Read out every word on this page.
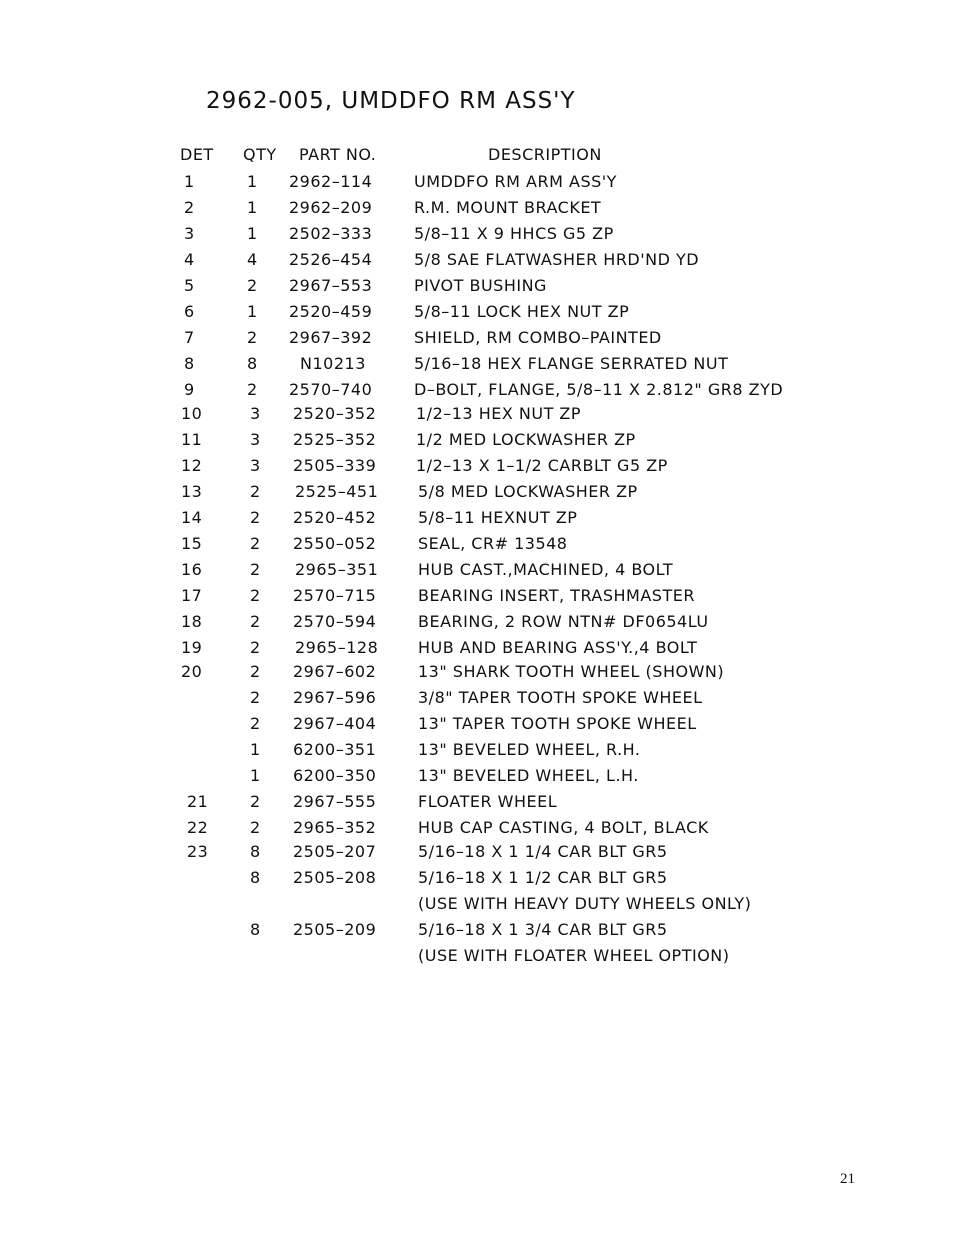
2962-005, UMDDFO RM ASS'Y
DET QTY PART NO.	DESCRIPTION
1	1 2962–114	UMDDFO RM ARM ASS'Y
2	1 2962–209	R.M. MOUNT BRACKET
3	1 2502–333	5/8–11 X 9 HHCS G5 ZP
4	4 2526–454	5/8 SAE FLATWASHER HRD'ND YD
5	2 2967–553	PIVOT BUSHING
6	1 2520–459	5/8–11 LOCK HEX NUT ZP
7	2 2967–392	SHIELD, RM COMBO–PAINTED
8	8	N10213	5/16–18 HEX FLANGE SERRATED NUT
9	2 2570–740	D–BOLT, FLANGE, 5/8–11 X 2.812" GR8 ZYD
10	3 2520–352 1/2–13 HEX NUT ZP
11	3 2525–352 1/2 MED LOCKWASHER ZP
12	3 2505–339 1/2–13 X 1–1/2 CARBLT G5 ZP
13	2 2525–451 5/8 MED LOCKWASHER ZP
14	2 2520–452	5/8–11 HEXNUT ZP
15	2 2550–052	SEAL, CR# 13548
16	2 2965–351 HUB CAST.,MACHINED, 4 BOLT
17	2 2570–715	BEARING INSERT, TRASHMASTER
18	2 2570–594	BEARING, 2 ROW NTN# DF0654LU
19	2 2965–128 HUB AND BEARING ASS'Y.,4 BOLT
20	2 2967–602	13" SHARK TOOTH WHEEL (SHOWN)
2 2967–596	3/8" TAPER TOOTH SPOKE WHEEL
2 2967–404	13" TAPER TOOTH SPOKE WHEEL
1 6200–351	13" BEVELED WHEEL, R.H.
1 6200–350	13" BEVELED WHEEL, L.H.
21	2 2967–555	FLOATER WHEEL
22	2 2965–352	HUB CAP CASTING, 4 BOLT, BLACK
23	8 2505–207	5/16–18 X 1 1/4 CAR BLT GR5
8 2505–208	5/16–18 X 1 1/2 CAR BLT GR5
(USE WITH HEAVY DUTY WHEELS ONLY)
8 2505–209	5/16–18 X 1 3/4 CAR BLT GR5
(USE WITH FLOATER WHEEL OPTION)
21
